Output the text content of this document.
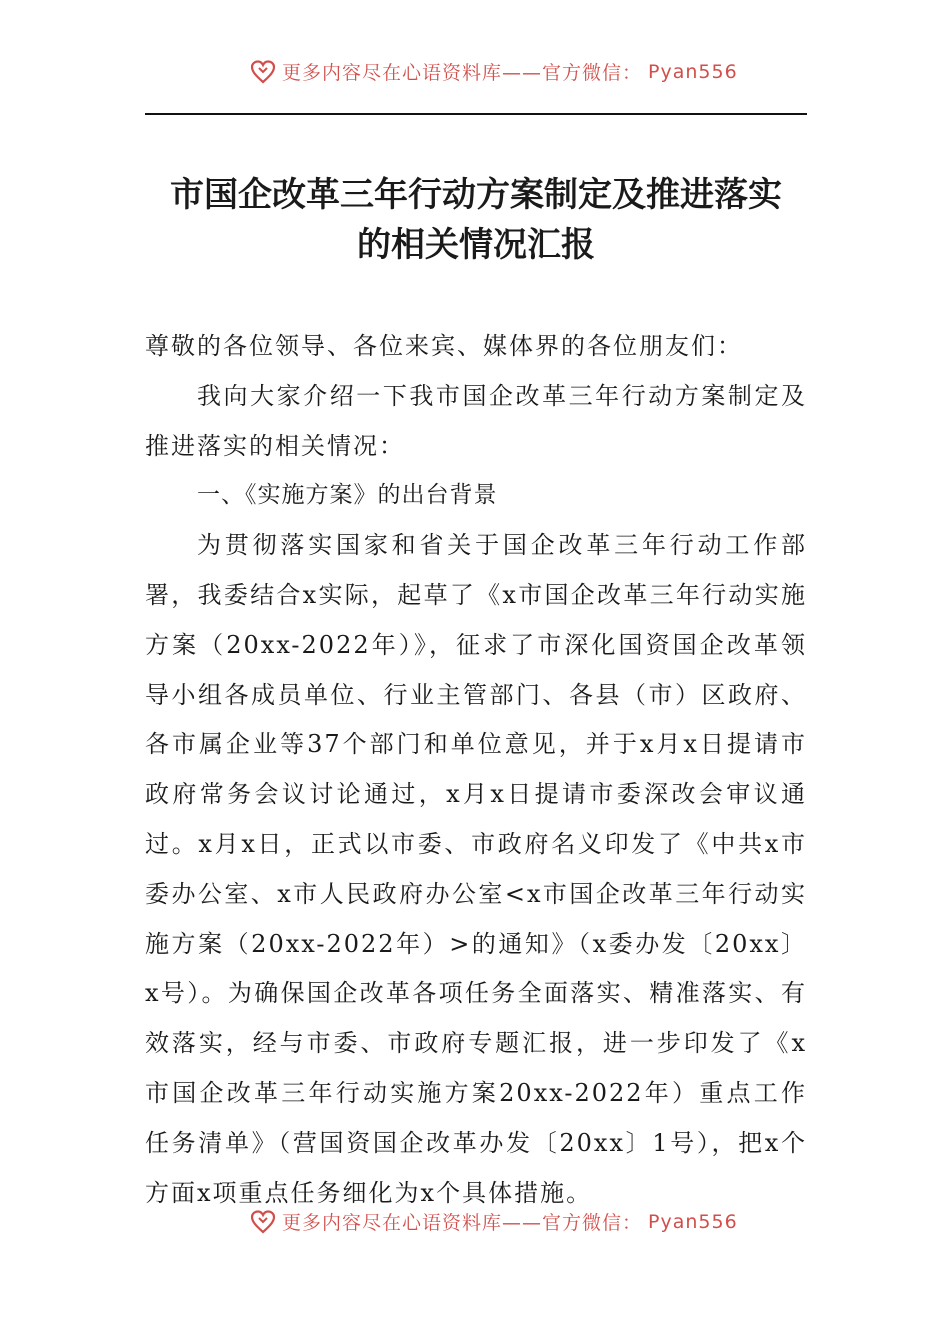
更多内容尽在心语资料库——官方微信： Pyan556
市国企改革三年行动方案制定及推进落实
的相关情况汇报

尊敬的各位领导、各位来宾、媒体界的各位朋友们：

我向大家介绍一下我市国企改革三年行动方案制定及推进落实的相关情况：

一、《实施方案》的出台背景

为贯彻落实国家和省关于国企改革三年行动工作部署，我委结合x实际，起草了《x市国企改革三年行动实施方案（20xx-2022年）》，征求了市深化国资国企改革领导小组各成员单位、行业主管部门、各县（市）区政府、各市属企业等37个部门和单位意见，并于x月x日提请市政府常务会议讨论通过，x月x日提请市委深改会审议通过。x月x日，正式以市委、市政府名义印发了《中共x市委办公室、x市人民政府办公室<x市国企改革三年行动实施方案（20xx-2022年）>的通知》（x委办发〔20xx〕x号）。为确保国企改革各项任务全面落实、精准落实、有效落实，经与市委、市政府专题汇报，进一步印发了《x市国企改革三年行动实施方案20xx-2022年）重点工作任务清单》（营国资国企改革办发〔20xx〕1号），把x个方面x项重点任务细化为x个具体措施。

更多内容尽在心语资料库——官方微信： Pyan556
